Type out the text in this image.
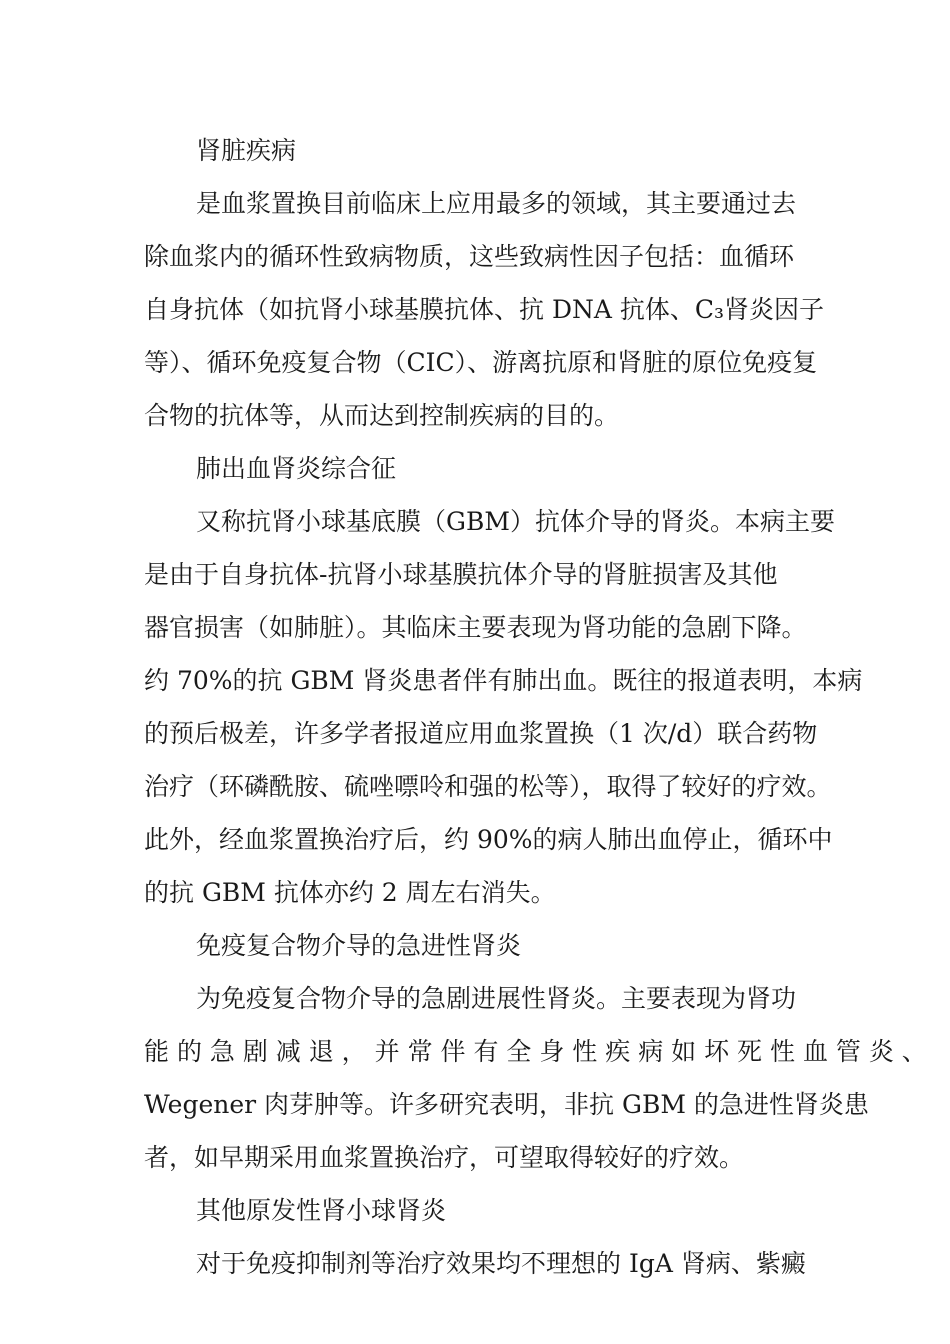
肾脏疾病
是血浆置换目前临床上应用最多的领域，其主要通过去
除血浆内的循环性致病物质，这些致病性因子包括：血循环
自身抗体（如抗肾小球基膜抗体、抗 DNA 抗体、C₃肾炎因子
等）、循环免疫复合物（CIC）、游离抗原和肾脏的原位免疫复
合物的抗体等，从而达到控制疾病的目的。
肺出血肾炎综合征
又称抗肾小球基底膜（GBM）抗体介导的肾炎。本病主要
是由于自身抗体-抗肾小球基膜抗体介导的肾脏损害及其他
器官损害（如肺脏）。其临床主要表现为肾功能的急剧下降。
约 70%的抗 GBM 肾炎患者伴有肺出血。既往的报道表明，本病
的预后极差，许多学者报道应用血浆置换（1 次/d）联合药物
治疗（环磷酰胺、硫唑嘌呤和强的松等），取得了较好的疗效。
此外，经血浆置换治疗后，约 90%的病人肺出血停止，循环中
的抗 GBM 抗体亦约 2 周左右消失。
免疫复合物介导的急进性肾炎
为免疫复合物介导的急剧进展性肾炎。主要表现为肾功
能 的 急 剧 减 退 ， 并 常 伴 有 全 身 性 疾 病 如 坏 死 性 血 管 炎 、
Wegener 肉芽肿等。许多研究表明，非抗 GBM 的急进性肾炎患
者，如早期采用血浆置换治疗，可望取得较好的疗效。
其他原发性肾小球肾炎
对于免疫抑制剂等治疗效果均不理想的 IgA 肾病、紫癜
